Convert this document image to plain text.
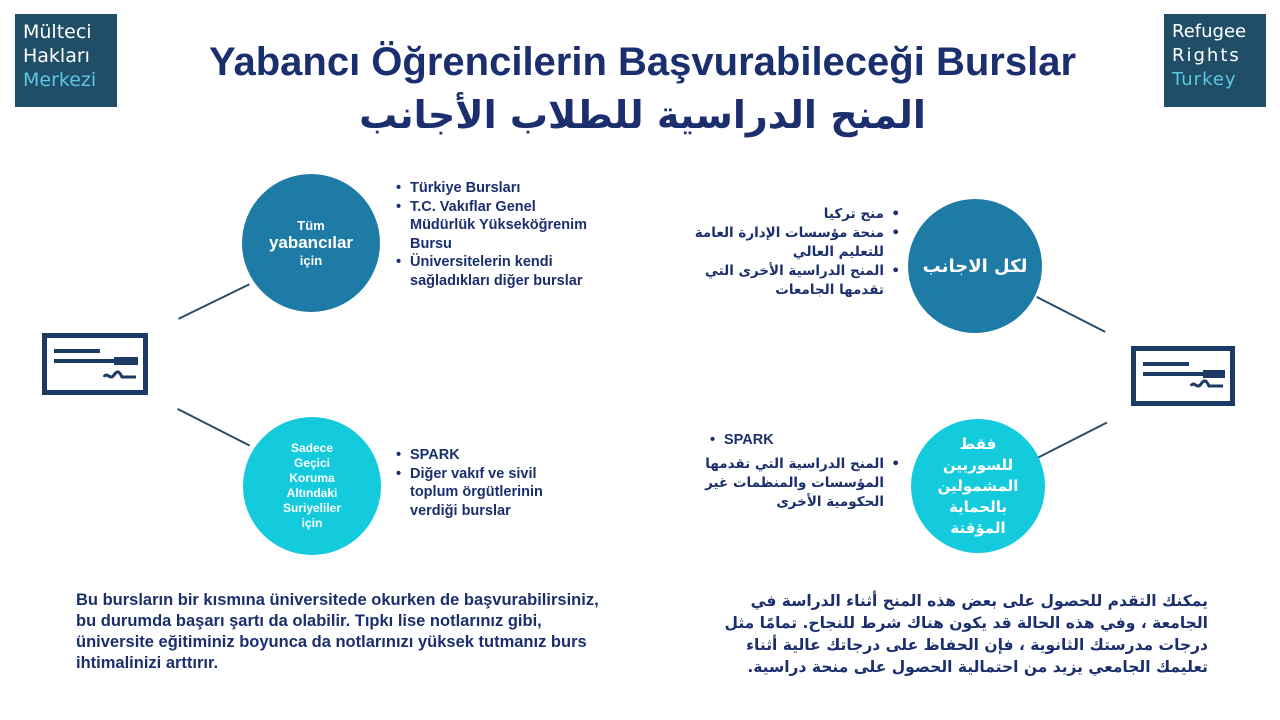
Mülteci
Hakları
Merkezi
Refugee
Rights
Turkey
Yabancı Öğrencilerin Başvurabileceği Burslar
المنح الدراسية للطلاب الأجانب
Tüm
yabancılar
için
Sadece
Geçici
Koruma
Altındaki
Suriyeliler
için
لكل الاجانب
فقط
للسوريين
المشمولين
بالحماية
المؤقتة
• Türkiye Bursları
• T.C. Vakıflar Genel Müdürlük Yükseköğrenim Bursu
• Üniversitelerin kendi sağladıkları diğer burslar
• SPARK
• Diğer vakıf ve sivil toplum örgütlerinin verdiği burslar
• منح تركيا
• منحة مؤسسات الإدارة العامة للتعليم العالي
• المنح الدراسية الأخرى التي تقدمها الجامعات
• SPARK
• المنح الدراسية التي تقدمها المؤسسات والمنظمات غير الحكومية الأخرى
Bu bursların bir kısmına üniversitede okurken de başvurabilirsiniz, bu durumda başarı şartı da olabilir. Tıpkı lise notlarınız gibi, üniversite eğitiminiz boyunca da notlarınızı yüksek tutmanız burs ihtimalinizi arttırır.
يمكنك التقدم للحصول على بعض هذه المنح أثناء الدراسة في الجامعة ، وفي هذه الحالة قد يكون هناك شرط للنجاح. تمامًا مثل درجات مدرستك الثانوية ، فإن الحفاظ على درجاتك عالية أثناء تعليمك الجامعي يزيد من احتمالية الحصول على منحة دراسية.
